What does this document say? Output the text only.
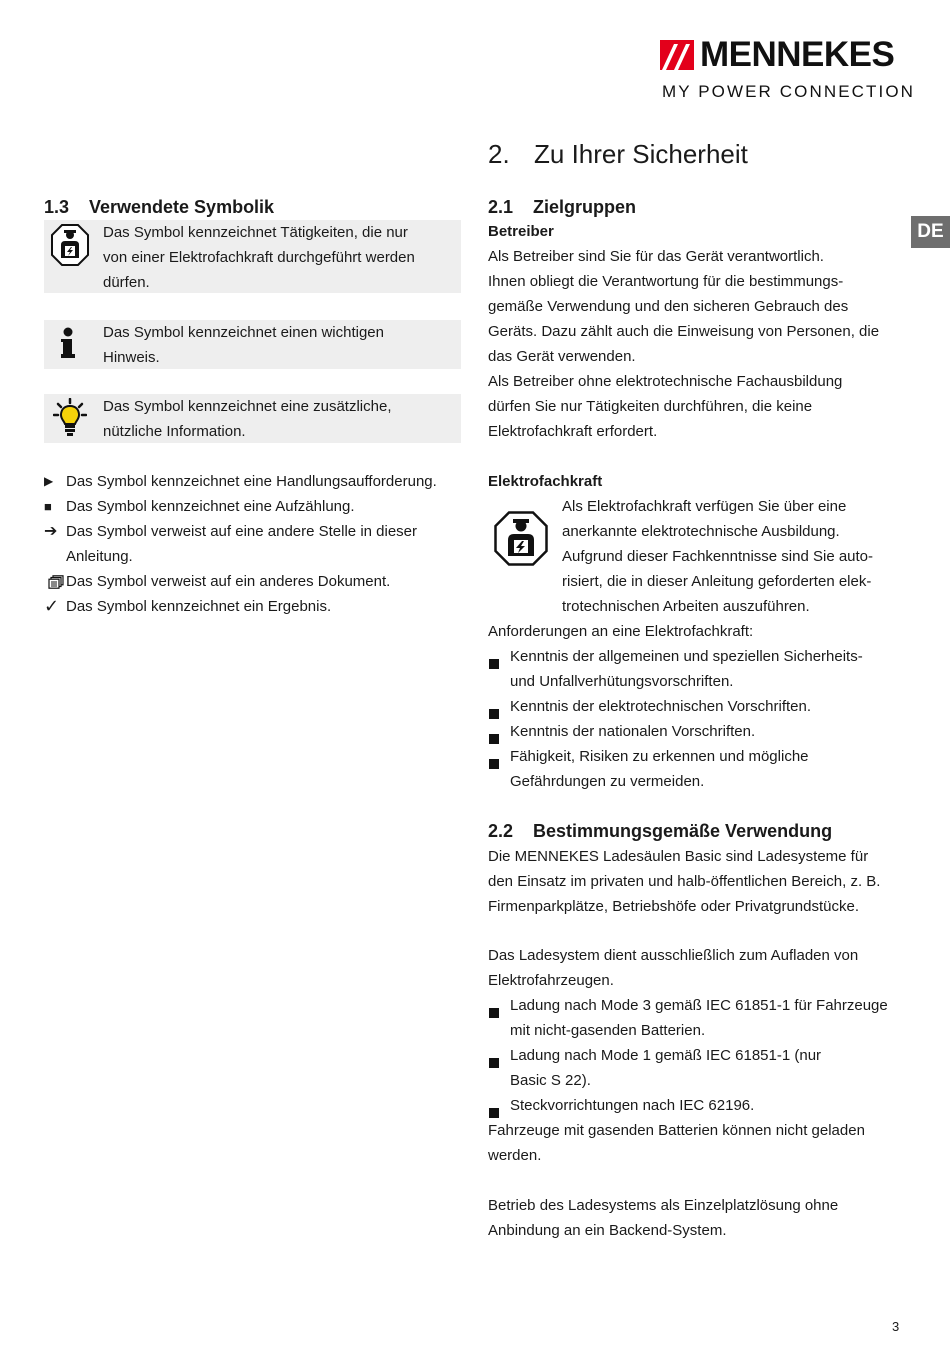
MENNEKES
MY POWER CONNECTION
DE
2. Zu Ihrer Sicherheit
1.3 Verwendete Symbolik
Das Symbol kennzeichnet Tätigkeiten, die nur
von einer Elektrofachkraft durchgeführt werden
dürfen.
Das Symbol kennzeichnet einen wichtigen
Hinweis.
Das Symbol kennzeichnet eine zusätzliche,
nützliche Information.
▶ Das Symbol kennzeichnet eine Handlungsaufforderung.
■ Das Symbol kennzeichnet eine Aufzählung.
➔ Das Symbol verweist auf eine andere Stelle in dieser
Anleitung.
Das Symbol verweist auf ein anderes Dokument.
✓ Das Symbol kennzeichnet ein Ergebnis.
2.1 Zielgruppen
Betreiber
Als Betreiber sind Sie für das Gerät verantwortlich.
Ihnen obliegt die Verantwortung für die bestimmungs-
gemäße Verwendung und den sicheren Gebrauch des
Geräts. Dazu zählt auch die Einweisung von Personen, die
das Gerät verwenden.
Als Betreiber ohne elektrotechnische Fachausbildung
dürfen Sie nur Tätigkeiten durchführen, die keine
Elektrofachkraft erfordert.
Elektrofachkraft
Als Elektrofachkraft verfügen Sie über eine
anerkannte elektrotechnische Ausbildung.
Aufgrund dieser Fachkenntnisse sind Sie auto-
risiert, die in dieser Anleitung geforderten elek-
trotechnischen Arbeiten auszuführen.
Anforderungen an eine Elektrofachkraft:
Kenntnis der allgemeinen und speziellen Sicherheits-
und Unfallverhütungsvorschriften.
Kenntnis der elektrotechnischen Vorschriften.
Kenntnis der nationalen Vorschriften.
Fähigkeit, Risiken zu erkennen und mögliche
Gefährdungen zu vermeiden.
2.2 Bestimmungsgemäße Verwendung
Die MENNEKES Ladesäulen Basic sind Ladesysteme für
den Einsatz im privaten und halb-öffentlichen Bereich, z. B.
Firmenparkplätze, Betriebshöfe oder Privatgrundstücke.
Das Ladesystem dient ausschließlich zum Aufladen von
Elektrofahrzeugen.
Ladung nach Mode 3 gemäß IEC 61851-1 für Fahrzeuge
mit nicht-gasenden Batterien.
Ladung nach Mode 1 gemäß IEC 61851-1 (nur
Basic S 22).
Steckvorrichtungen nach IEC 62196.
Fahrzeuge mit gasenden Batterien können nicht geladen
werden.
Betrieb des Ladesystems als Einzelplatzlösung ohne
Anbindung an ein Backend-System.
3
